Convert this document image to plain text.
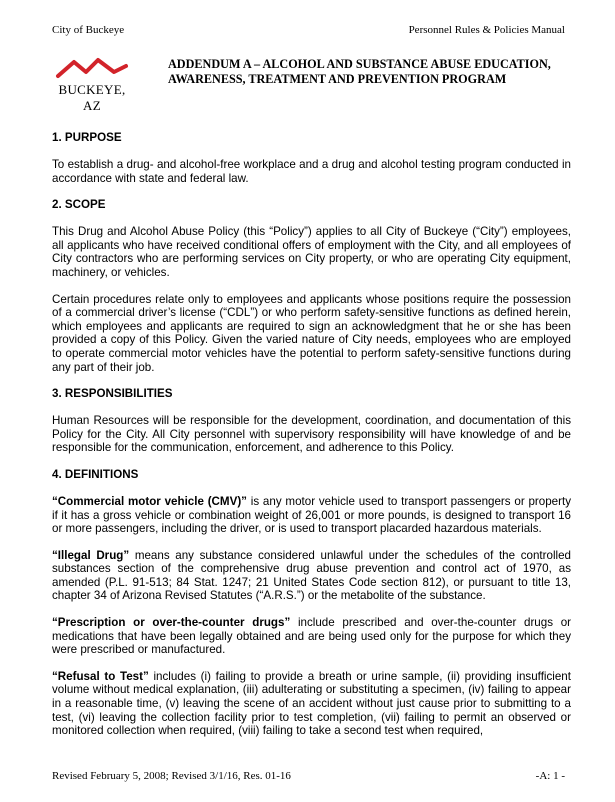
City of Buckeye	Personnel Rules & Policies Manual
BUCKEYE, AZ
ADDENDUM A – ALCOHOL AND SUBSTANCE ABUSE EDUCATION, AWARENESS, TREATMENT AND PREVENTION PROGRAM
1. PURPOSE

To establish a drug- and alcohol-free workplace and a drug and alcohol testing program conducted in accordance with state and federal law.

2. SCOPE

This Drug and Alcohol Abuse Policy (this “Policy”) applies to all City of Buckeye (“City”) employees, all applicants who have received conditional offers of employment with the City, and all employees of City contractors who are performing services on City property, or who are operating City equipment, machinery, or vehicles.

Certain procedures relate only to employees and applicants whose positions require the possession of a commercial driver’s license (“CDL”) or who perform safety-sensitive functions as defined herein, which employees and applicants are required to sign an acknowledgment that he or she has been provided a copy of this Policy. Given the varied nature of City needs, employees who are employed to operate commercial motor vehicles have the potential to perform safety-sensitive functions during any part of their job.

3. RESPONSIBILITIES

Human Resources will be responsible for the development, coordination, and documentation of this Policy for the City. All City personnel with supervisory responsibility will have knowledge of and be responsible for the communication, enforcement, and adherence to this Policy.

4. DEFINITIONS

“Commercial motor vehicle (CMV)” is any motor vehicle used to transport passengers or property if it has a gross vehicle or combination weight of 26,001 or more pounds, is designed to transport 16 or more passengers, including the driver, or is used to transport placarded hazardous materials.

“Illegal Drug” means any substance considered unlawful under the schedules of the controlled substances section of the comprehensive drug abuse prevention and control act of 1970, as amended (P.L. 91-513; 84 Stat. 1247; 21 United States Code section 812), or pursuant to title 13, chapter 34 of Arizona Revised Statutes (“A.R.S.”) or the metabolite of the substance.

“Prescription or over-the-counter drugs” include prescribed and over-the-counter drugs or medications that have been legally obtained and are being used only for the purpose for which they were prescribed or manufactured.

“Refusal to Test” includes (i) failing to provide a breath or urine sample, (ii) providing insufficient volume without medical explanation, (iii) adulterating or substituting a specimen, (iv) failing to appear in a reasonable time, (v) leaving the scene of an accident without just cause prior to submitting to a test, (vi) leaving the collection facility prior to test completion, (vii) failing to permit an observed or monitored collection when required, (viii) failing to take a second test when required,

Revised February 5, 2008; Revised 3/1/16, Res. 01-16	-A: 1 -
